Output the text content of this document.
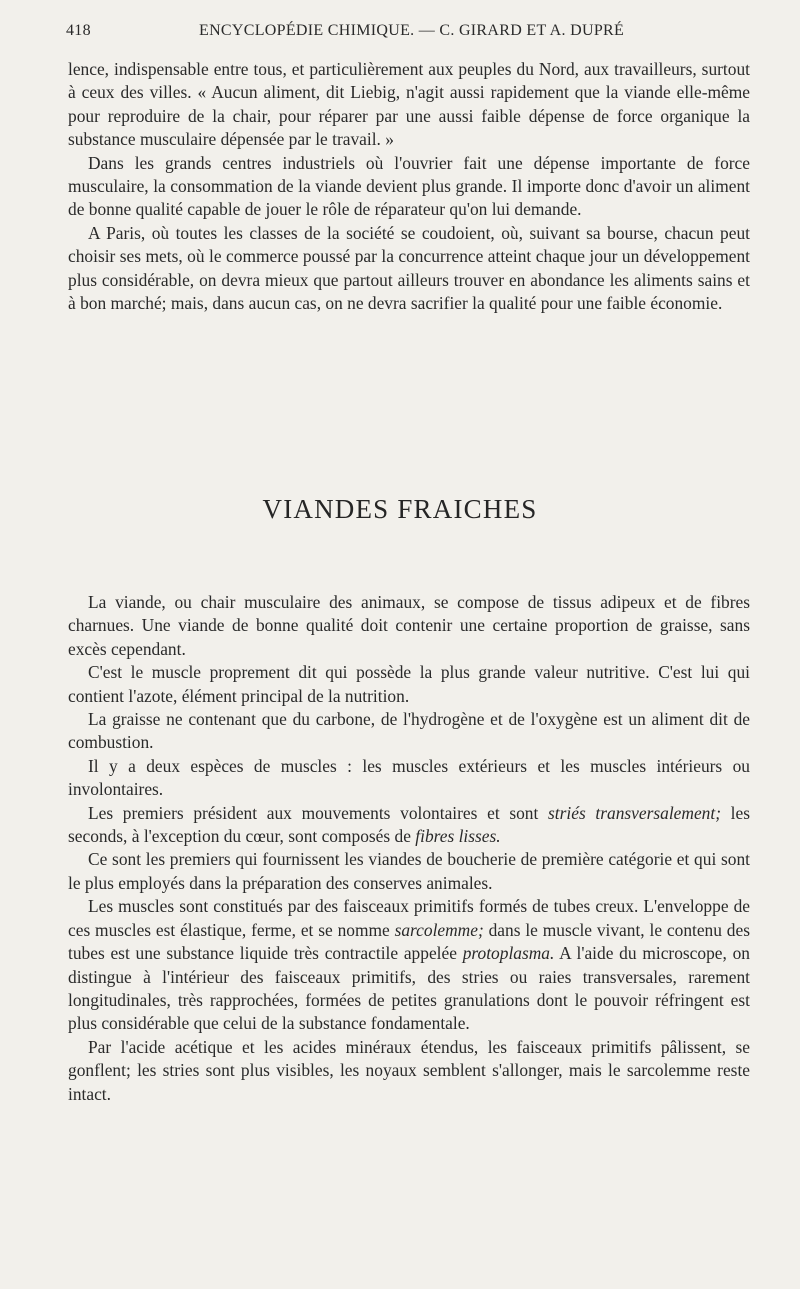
418	ENCYCLOPÉDIE CHIMIQUE. — C. GIRARD ET A. DUPRÉ

lence, indispensable entre tous, et particulièrement aux peuples du Nord, aux travailleurs, surtout à ceux des villes. « Aucun aliment, dit Liebig, n'agit aussi rapidement que la viande elle-même pour reproduire de la chair, pour réparer par une aussi faible dépense de force organique la substance musculaire dépensée par le travail. »

Dans les grands centres industriels où l'ouvrier fait une dépense importante de force musculaire, la consommation de la viande devient plus grande. Il importe donc d'avoir un aliment de bonne qualité capable de jouer le rôle de réparateur qu'on lui demande.

A Paris, où toutes les classes de la société se coudoient, où, suivant sa bourse, chacun peut choisir ses mets, où le commerce poussé par la concurrence atteint chaque jour un développement plus considérable, on devra mieux que partout ailleurs trouver en abondance les aliments sains et à bon marché; mais, dans aucun cas, on ne devra sacrifier la qualité pour une faible économie.

VIANDES FRAICHES

La viande, ou chair musculaire des animaux, se compose de tissus adipeux et de fibres charnues. Une viande de bonne qualité doit contenir une certaine proportion de graisse, sans excès cependant.

C'est le muscle proprement dit qui possède la plus grande valeur nutritive. C'est lui qui contient l'azote, élément principal de la nutrition.

La graisse ne contenant que du carbone, de l'hydrogène et de l'oxygène est un aliment dit de combustion.

Il y a deux espèces de muscles : les muscles extérieurs et les muscles intérieurs ou involontaires.

Les premiers président aux mouvements volontaires et sont striés transversalement; les seconds, à l'exception du cœur, sont composés de fibres lisses.

Ce sont les premiers qui fournissent les viandes de boucherie de première catégorie et qui sont le plus employés dans la préparation des conserves animales.

Les muscles sont constitués par des faisceaux primitifs formés de tubes creux. L'enveloppe de ces muscles est élastique, ferme, et se nomme sarcolemme; dans le muscle vivant, le contenu des tubes est une substance liquide très contractile appelée protoplasma. A l'aide du microscope, on distingue à l'intérieur des faisceaux primitifs, des stries ou raies transversales, rarement longitudinales, très rapprochées, formées de petites granulations dont le pouvoir réfringent est plus considérable que celui de la substance fondamentale.

Par l'acide acétique et les acides minéraux étendus, les faisceaux primitifs pâlissent, se gonflent; les stries sont plus visibles, les noyaux semblent s'allonger, mais le sarcolemme reste intact.
